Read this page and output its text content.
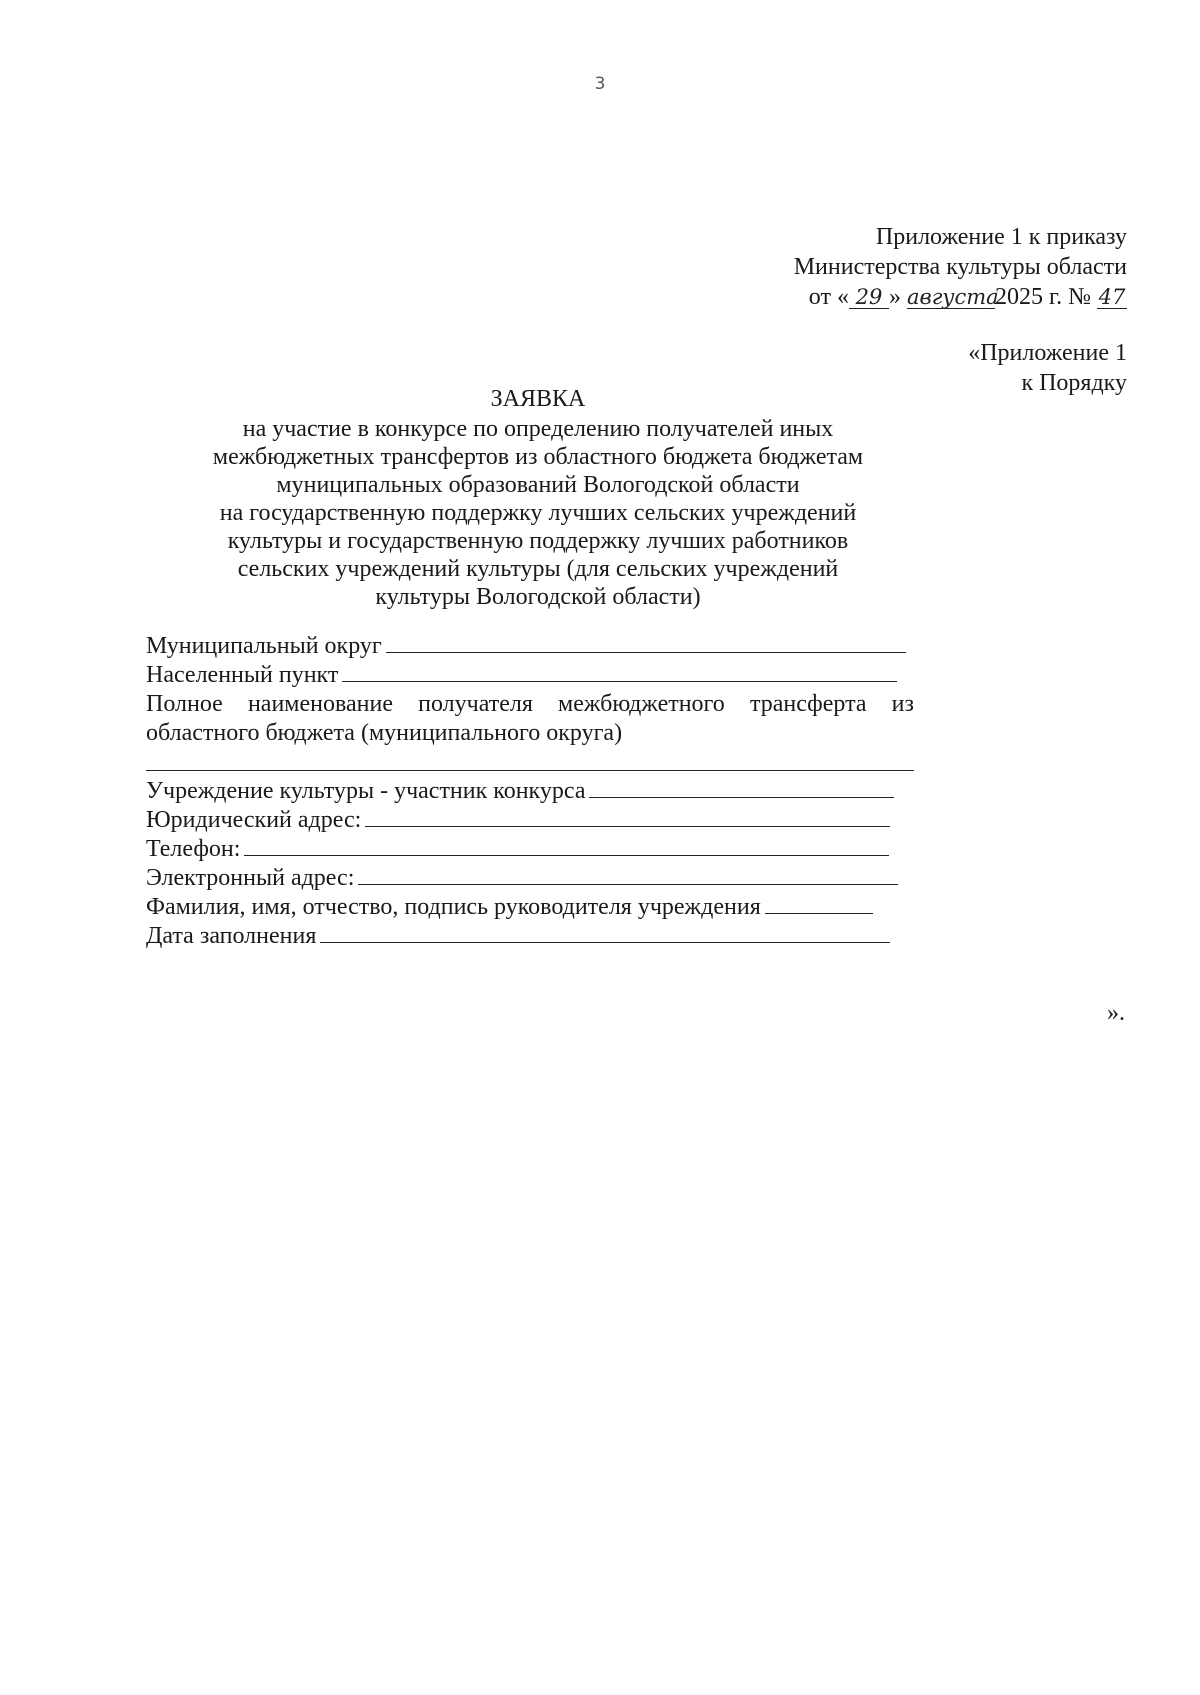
3
Приложение 1 к приказу
Министерства культуры области
от « 29 » августа2025 г. № 47
«Приложение 1
к Порядку
ЗАЯВКА
на участие в конкурсе по определению получателей иных
межбюджетных трансфертов из областного бюджета бюджетам
муниципальных образований Вологодской области
на государственную поддержку лучших сельских учреждений
культуры и государственную поддержку лучших работников
сельских учреждений культуры (для сельских учреждений
культуры Вологодской области)
Муниципальный округ
Населенный пункт
Полное наименование получателя межбюджетного трансферта из
областного бюджета (муниципального округа)
Учреждение культуры - участник конкурса
Юридический адрес:
Телефон:
Электронный адрес:
Фамилия, имя, отчество, подпись руководителя учреждения
Дата заполнения
».
